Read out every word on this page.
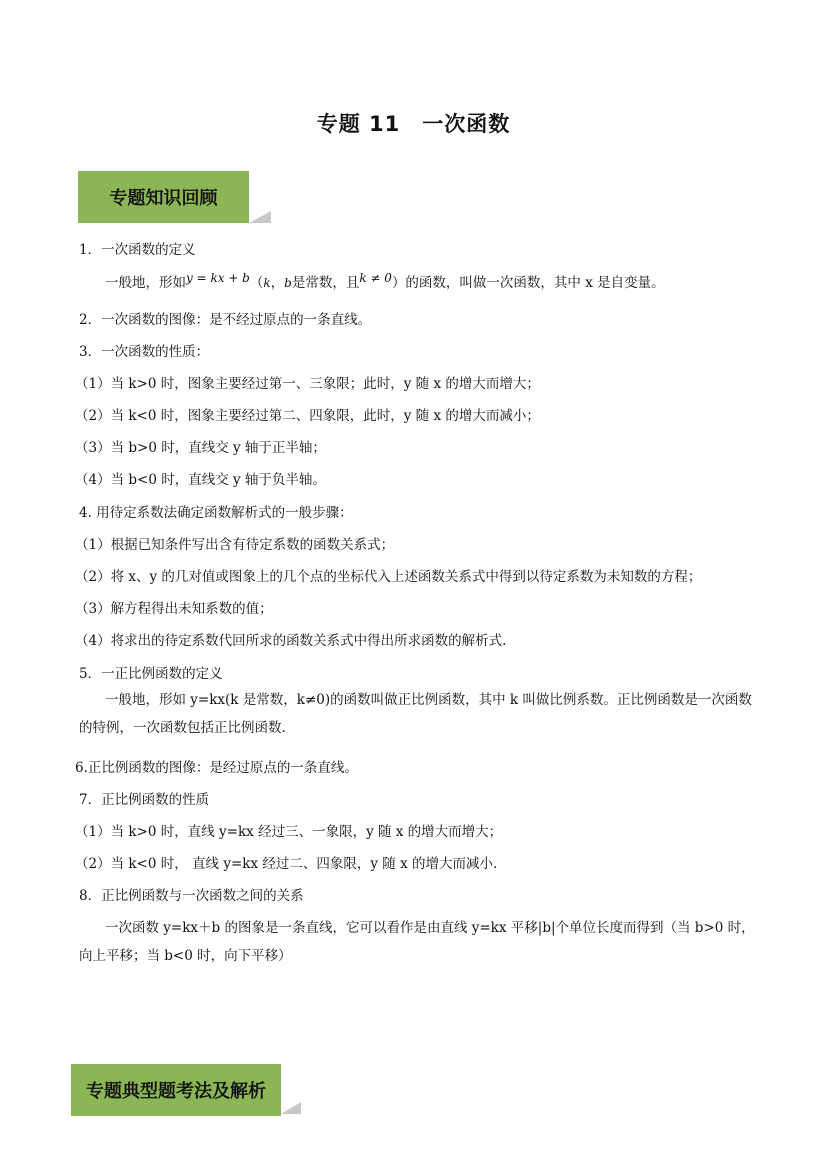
专题 11 一次函数
专题知识回顾
1．一次函数的定义
一般地，形如y = kx + b（k，b是常数，且k ≠ 0）的函数，叫做一次函数，其中 x 是自变量。
2．一次函数的图像：是不经过原点的一条直线。
3．一次函数的性质：
（1）当 k>0 时，图象主要经过第一、三象限；此时，y 随 x 的增大而增大；
（2）当 k<0 时，图象主要经过第二、四象限，此时，y 随 x 的增大而减小；
（3）当 b>0 时，直线交 y 轴于正半轴；
（4）当 b<0 时，直线交 y 轴于负半轴。
4. 用待定系数法确定函数解析式的一般步骤：
（1）根据已知条件写出含有待定系数的函数关系式；
（2）将 x、y 的几对值或图象上的几个点的坐标代入上述函数关系式中得到以待定系数为未知数的方程；
（3）解方程得出未知系数的值；
（4）将求出的待定系数代回所求的函数关系式中得出所求函数的解析式.
5．一正比例函数的定义
一般地，形如 y=kx(k 是常数，k≠0)的函数叫做正比例函数，其中 k 叫做比例系数。正比例函数是一次函数的特例，一次函数包括正比例函数.
6.正比例函数的图像：是经过原点的一条直线。
7．正比例函数的性质
（1）当 k>0 时，直线 y=kx 经过三、一象限，y 随 x 的增大而增大；
（2）当 k<0 时， 直线 y=kx 经过二、四象限，y 随 x 的增大而减小.
8．正比例函数与一次函数之间的关系
一次函数 y=kx＋b 的图象是一条直线，它可以看作是由直线 y=kx 平移|b|个单位长度而得到（当 b>0 时，向上平移；当 b<0 时，向下平移）
专题典型题考法及解析
